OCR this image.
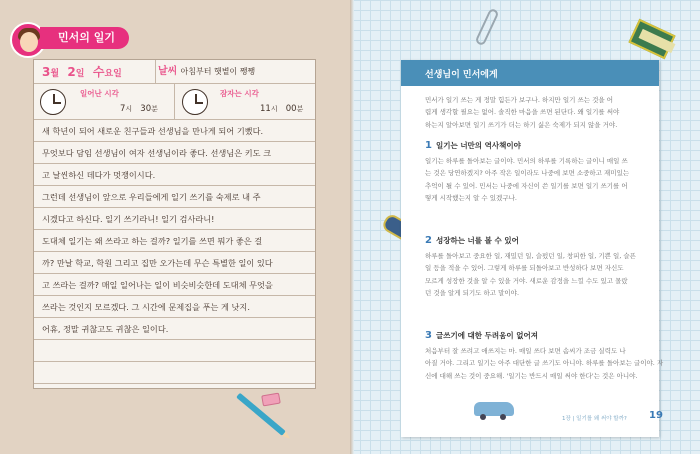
민서의 일기
3월 2일 수요일	날씨 아침부터 햇볕이 쨍쨍
일어난 시각
7시 30분
잠자는 시각
11시 00분
새 학년이 되어 새로운 친구들과 선생님을 만나게 되어 기뻤다.
무엇보다 담임 선생님이 여자 선생님이라 좋다. 선생님은 키도 크
고 날씬하신 데다가 멋쟁이시다.
그런데 선생님이 앞으로 우리들에게 일기 쓰기를 숙제로 내 주
시겠다고 하신다. 일기 쓰기라니! 일기 검사라니!
도대체 일기는 왜 쓰라고 하는 걸까? 일기를 쓰면 뭐가 좋은 걸
까? 만날 학교, 학원 그리고 집만 오가는데 무슨 특별한 일이 있다
고 쓰라는 걸까? 매일 일어나는 일이 비슷비슷한데 도대체 무엇을
쓰라는 것인지 모르겠다. 그 시간에 문제집을 푸는 게 낫지.
어휴, 정말 귀찮고도 귀찮은 일이다.
선생님이 민서에게
민서가 일기 쓰는 게 정말 힘든가 보구나. 하지만 일기 쓰는 것을 어
렵게 생각할 필요는 없어. 솔직한 마음을 쓰면 된단다. 왜 일기를 써야
하는지 알아보면 일기 쓰기가 더는 하기 싫은 숙제가 되지 않을 거야.
1 일기는 너만의 역사책이야
일기는 하루를 돌아보는 글이야. 민서의 하루를 기록하는 글이니 매일 쓰
는 것은 당연하겠지? 아주 작은 일이라도 나중에 보면 소중하고 재미있는
추억이 될 수 있어. 민서는 나중에 자신이 쓴 일기를 보면 일기 쓰기를 어
떻게 시작했는지 알 수 있겠구나.
2 성장하는 너를 볼 수 있어
하루를 돌아보고 중요한 일, 재밌던 일, 슬펐던 일, 창피한 일, 기쁜 일, 슬픈
일 등을 적을 수 있어. 그렇게 하루를 되돌아보고 반성하다 보면 자신도
모르게 성장한 것을 알 수 있을 거야. 새로운 감정을 느낄 수도 있고 몰랐
던 것을 알게 되기도 하고 말이야.
3 글쓰기에 대한 두려움이 없어져
처음부터 잘 쓰려고 애쓰지는 마. 매일 쓰다 보면 솜씨가 조금 실력도 나
아질 거야. 그리고 일기는 아주 대단한 글 쓰기도 아니야. 하루를 돌아보는 글이야. 자
신에 대해 쓰는 것이 중요해. '일기는 반드시 매일 써야 한다'는 것은 아니야.
1장 | 일기를 왜 써야 할까? 19
